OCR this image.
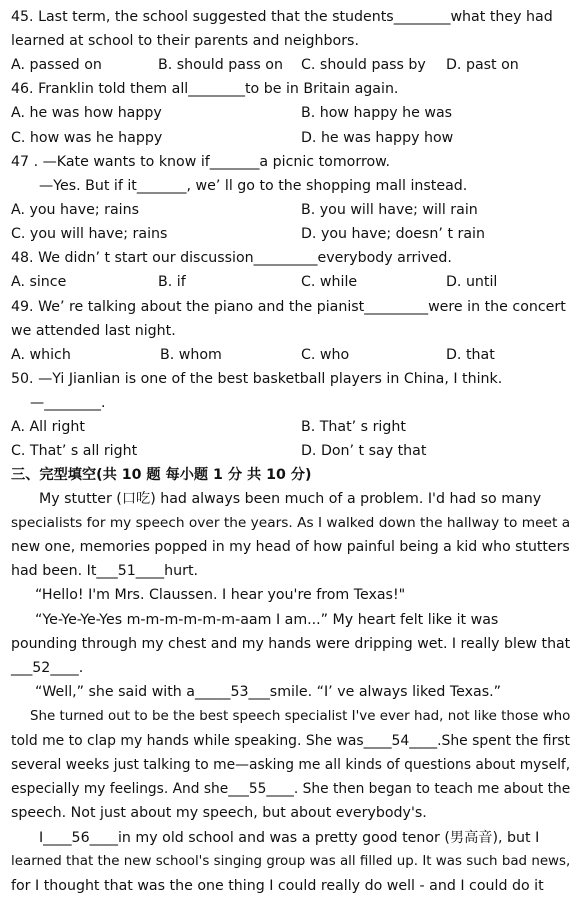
45. Last term, the school suggested that the students________what they had
learned at school to their parents and neighbors.
A. passed on	B. should pass on C. should pass by D. past on
46. Franklin told them all________to be in Britain again.
A. he was how happy	B. how happy he was
C. how was he happy	D. he was happy how
47 . —Kate wants to know if_______a picnic tomorrow.
—Yes. But if it_______, we’ ll go to the shopping mall instead.
A. you have; rains	B. you will have; will rain
C. you will have; rains	D. you have; doesn’ t rain
48. We didn’ t start our discussion_________everybody arrived.
A. since	B. if	C. while	D. until
49. We’ re talking about the piano and the pianist_________were in the concert
we attended last night.
A. which	B. whom	C. who	D. that
50. —Yi Jianlian is one of the best basketball players in China, I think.
—________.
A. All right	B. That’ s right
C. That’ s all right	D. Don’ t say that
三、完型填空(共 10 题 每小题 1 分 共 10 分)
My stutter (口吃) had always been much of a problem. I'd had so many
specialists for my speech over the years. As I walked down the hallway to meet a
new one, memories popped in my head of how painful being a kid who stutters
had been. It___51____hurt.
“Hello! I'm Mrs. Claussen. I hear you're from Texas!"
“Ye-Ye-Ye-Yes m-m-m-m-m-m-aam I am...” My heart felt like it was
pounding through my chest and my hands were dripping wet. I really blew that
___52____.
“Well,” she said with a_____53___smile. “I’ ve always liked Texas.”
She turned out to be the best speech specialist I've ever had, not like those who
told me to clap my hands while speaking. She was____54____.She spent the first
several weeks just talking to me—asking me all kinds of questions about myself,
especially my feelings. And she___55____. She then began to teach me about the
speech. Not just about my speech, but about everybody's.
I____56____in my old school and was a pretty good tenor (男高音), but I
learned that the new school's singing group was all filled up. It was such bad news,
for I thought that was the one thing I could really do well - and I could do it
